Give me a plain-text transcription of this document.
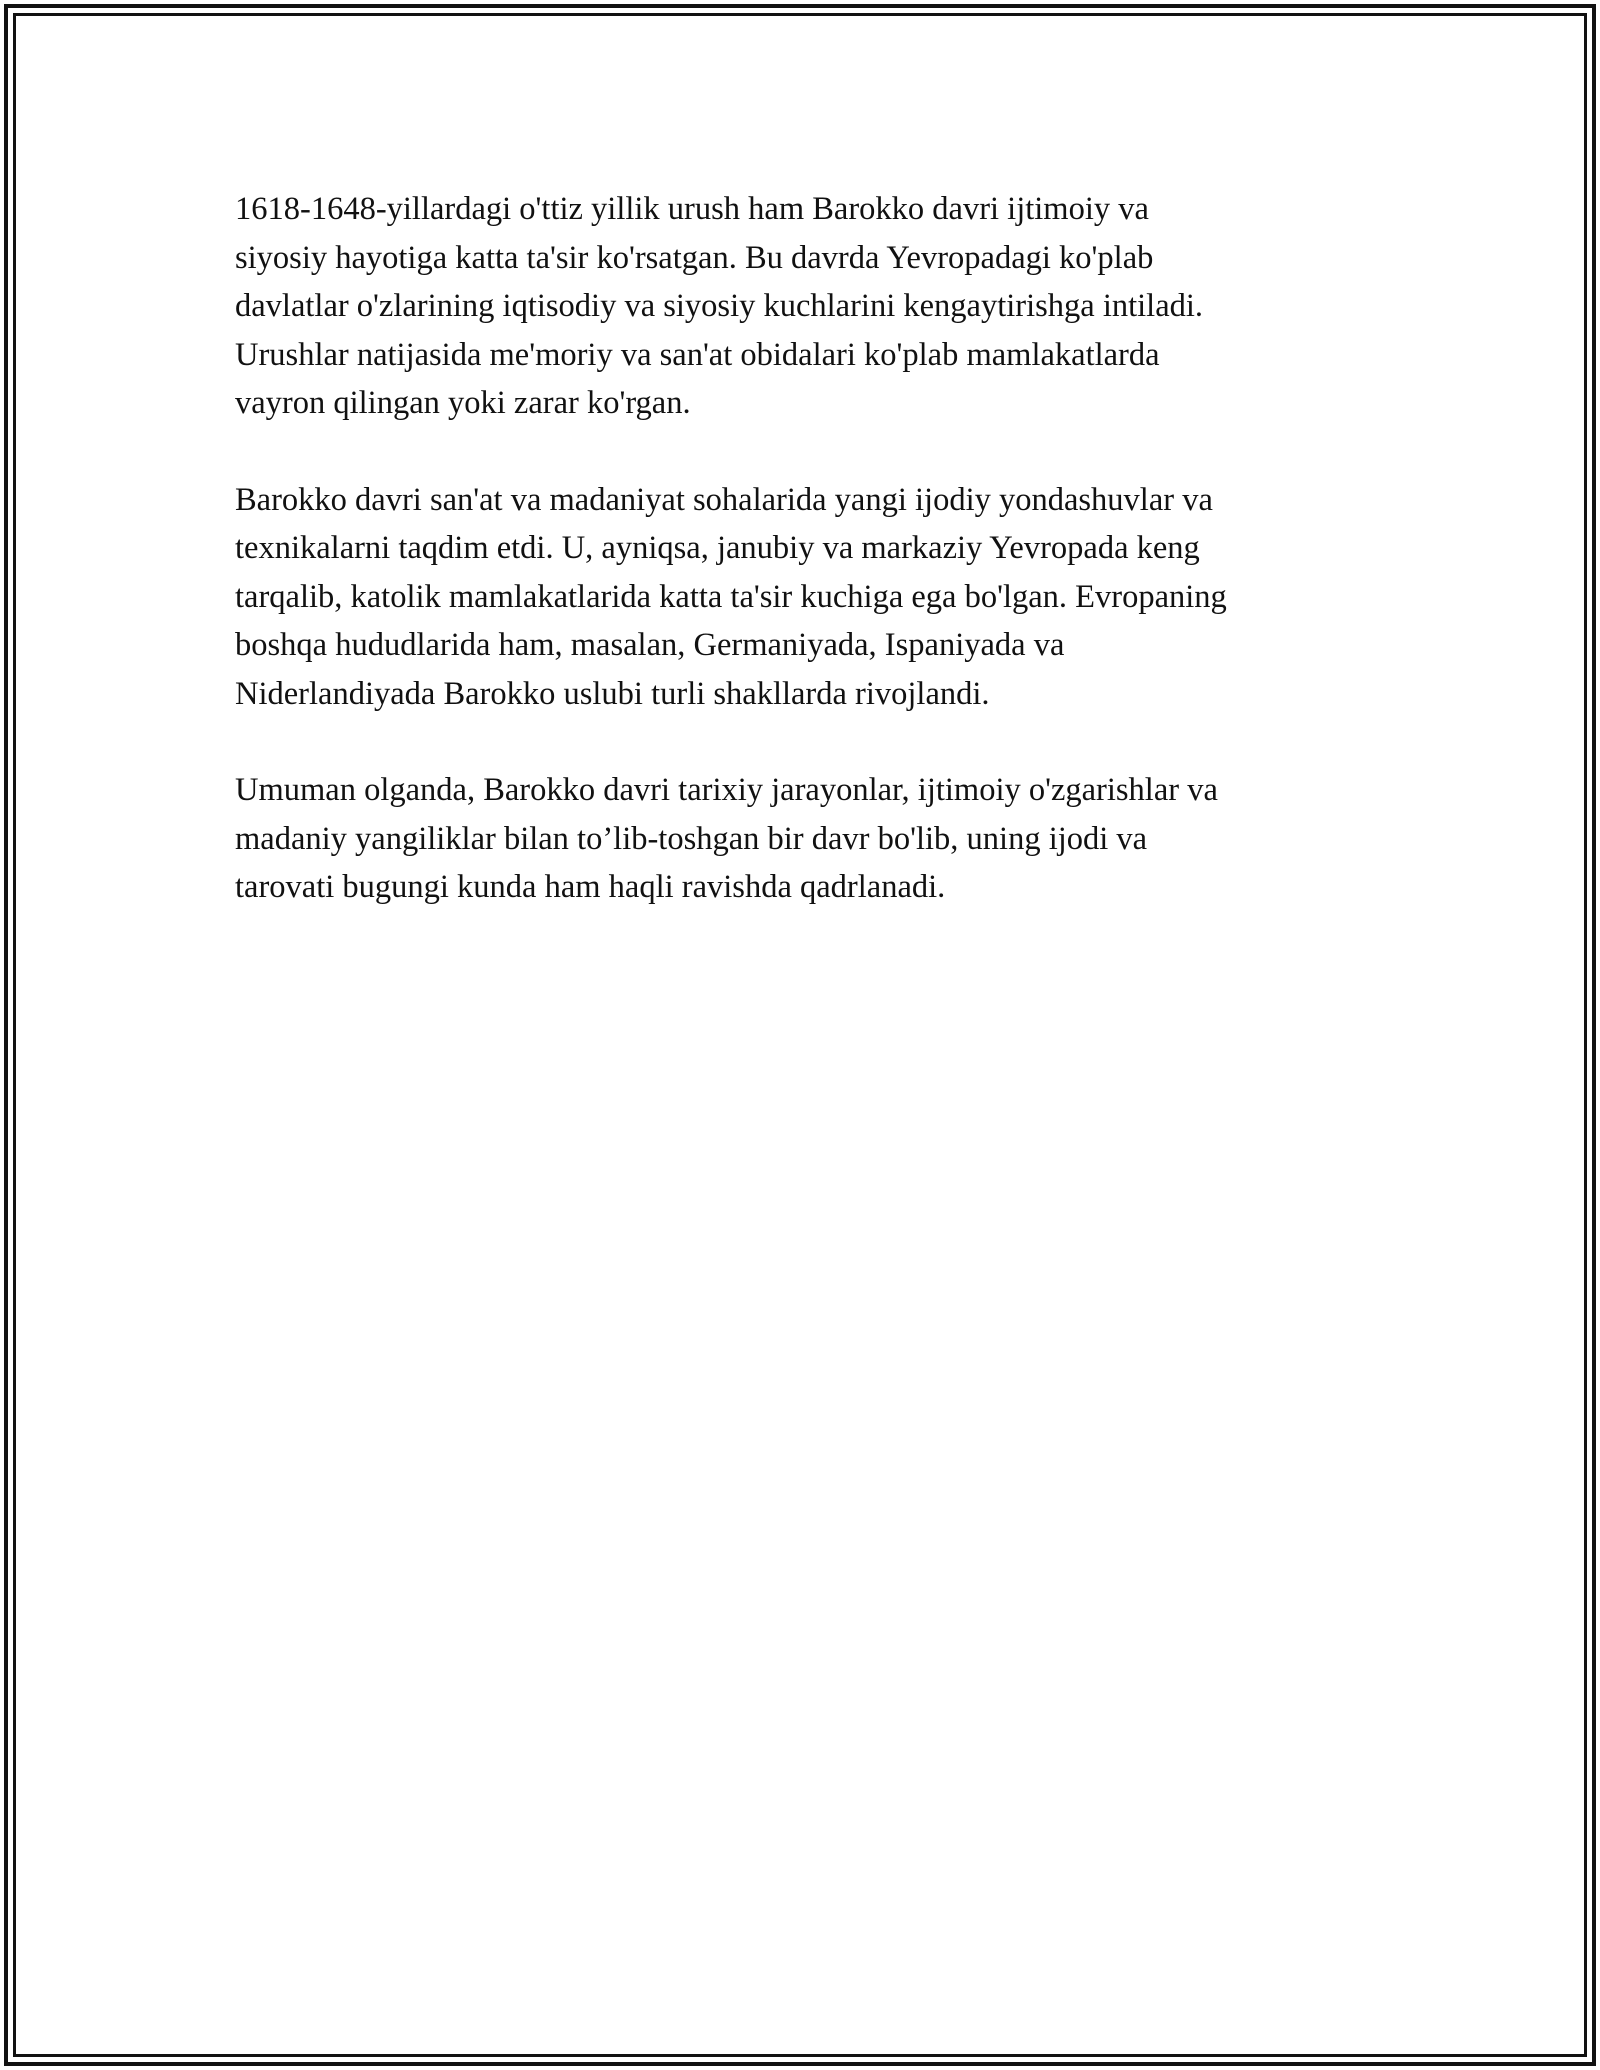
1618-1648-yillardagi o'ttiz yillik urush ham Barokko davri ijtimoiy va
siyosiy hayotiga katta ta'sir ko'rsatgan. Bu davrda Yevropadagi ko'plab
davlatlar o'zlarining iqtisodiy va siyosiy kuchlarini kengaytirishga intiladi.
Urushlar natijasida me'moriy va san'at obidalari ko'plab mamlakatlarda
vayron qilingan yoki zarar ko'rgan.

Barokko davri san'at va madaniyat sohalarida yangi ijodiy yondashuvlar va
texnikalarni taqdim etdi. U, ayniqsa, janubiy va markaziy Yevropada keng
tarqalib, katolik mamlakatlarida katta ta'sir kuchiga ega bo'lgan. Evropaning
boshqa hududlarida ham, masalan, Germaniyada, Ispaniyada va
Niderlandiyada Barokko uslubi turli shakllarda rivojlandi.

Umuman olganda, Barokko davri tarixiy jarayonlar, ijtimoiy o'zgarishlar va
madaniy yangiliklar bilan to’lib-toshgan bir davr bo'lib, uning ijodi va
tarovati bugungi kunda ham haqli ravishda qadrlanadi.
